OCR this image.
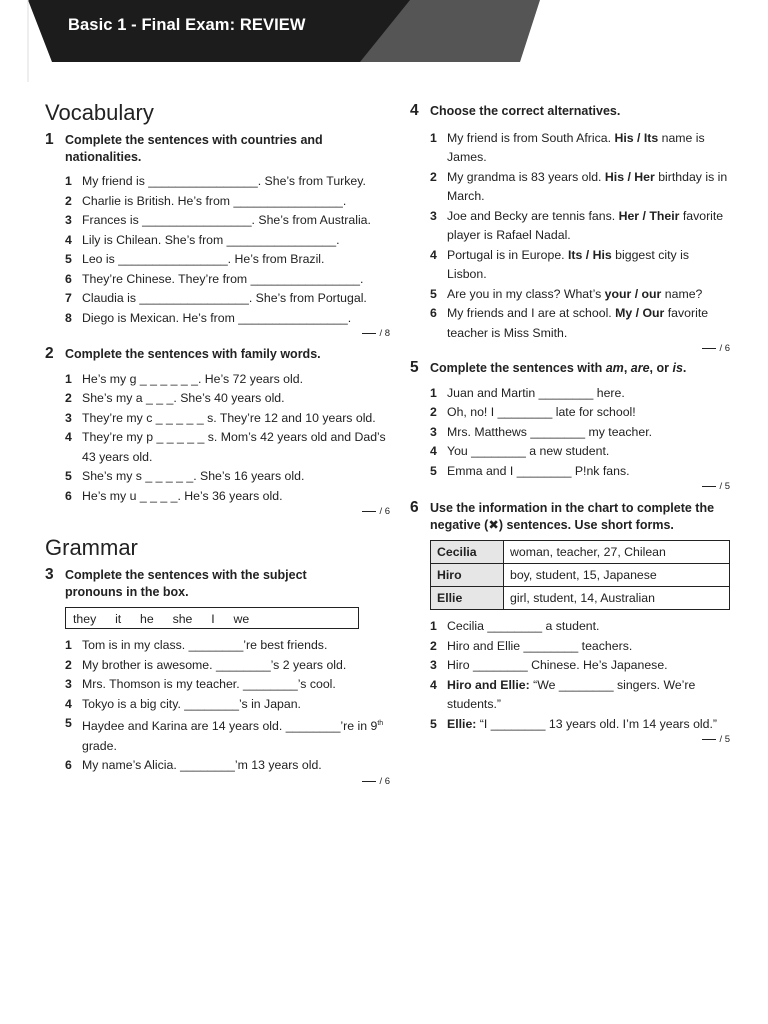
Basic 1 - Final Exam: REVIEW
Vocabulary
1 Complete the sentences with countries and nationalities.
1 My friend is ________________. She’s from Turkey.
2 Charlie is British. He’s from ________________.
3 Frances is ________________. She’s from Australia.
4 Lily is Chilean. She’s from ________________.
5 Leo is ________________. He’s from Brazil.
6 They’re Chinese. They’re from ________________.
7 Claudia is ________________. She’s from Portugal.
8 Diego is Mexican. He’s from ________________.
/ 8
2 Complete the sentences with family words.
1 He’s my g _ _ _ _ _ _. He’s 72 years old.
2 She’s my a _ _ _. She’s 40 years old.
3 They’re my c _ _ _ _ _ s. They’re 12 and 10 years old.
4 They’re my p _ _ _ _ _ s. Mom’s 42 years old and Dad’s 43 years old.
5 She’s my s _ _ _ _ _. She’s 16 years old.
6 He’s my u _ _ _ _. He’s 36 years old.
/ 6
Grammar
3 Complete the sentences with the subject pronouns in the box.
they  it  he  she  I  we
1 Tom is in my class. ________’re best friends.
2 My brother is awesome. ________’s 2 years old.
3 Mrs. Thomson is my teacher. ________’s cool.
4 Tokyo is a big city. ________’s in Japan.
5 Haydee and Karina are 14 years old. ________’re in 9th grade.
6 My name’s Alicia. ________’m 13 years old.
/ 6
4 Choose the correct alternatives.
1 My friend is from South Africa. His / Its name is James.
2 My grandma is 83 years old. His / Her birthday is in March.
3 Joe and Becky are tennis fans. Her / Their favorite player is Rafael Nadal.
4 Portugal is in Europe. Its / His biggest city is Lisbon.
5 Are you in my class? What’s your / our name?
6 My friends and I are at school. My / Our favorite teacher is Miss Smith.
/ 6
5 Complete the sentences with am, are, or is.
1 Juan and Martin ________ here.
2 Oh, no! I ________ late for school!
3 Mrs. Matthews ________ my teacher.
4 You ________ a new student.
5 Emma and I ________ P!nk fans.
/ 5
6 Use the information in the chart to complete the negative (✖) sentences. Use short forms.
Cecilia	woman, teacher, 27, Chilean
Hiro	boy, student, 15, Japanese
Ellie	girl, student, 14, Australian
1 Cecilia ________ a student.
2 Hiro and Ellie ________ teachers.
3 Hiro ________ Chinese. He’s Japanese.
4 Hiro and Ellie: “We ________ singers. We’re students.”
5 Ellie: “I ________ 13 years old. I’m 14 years old.”
/ 5
